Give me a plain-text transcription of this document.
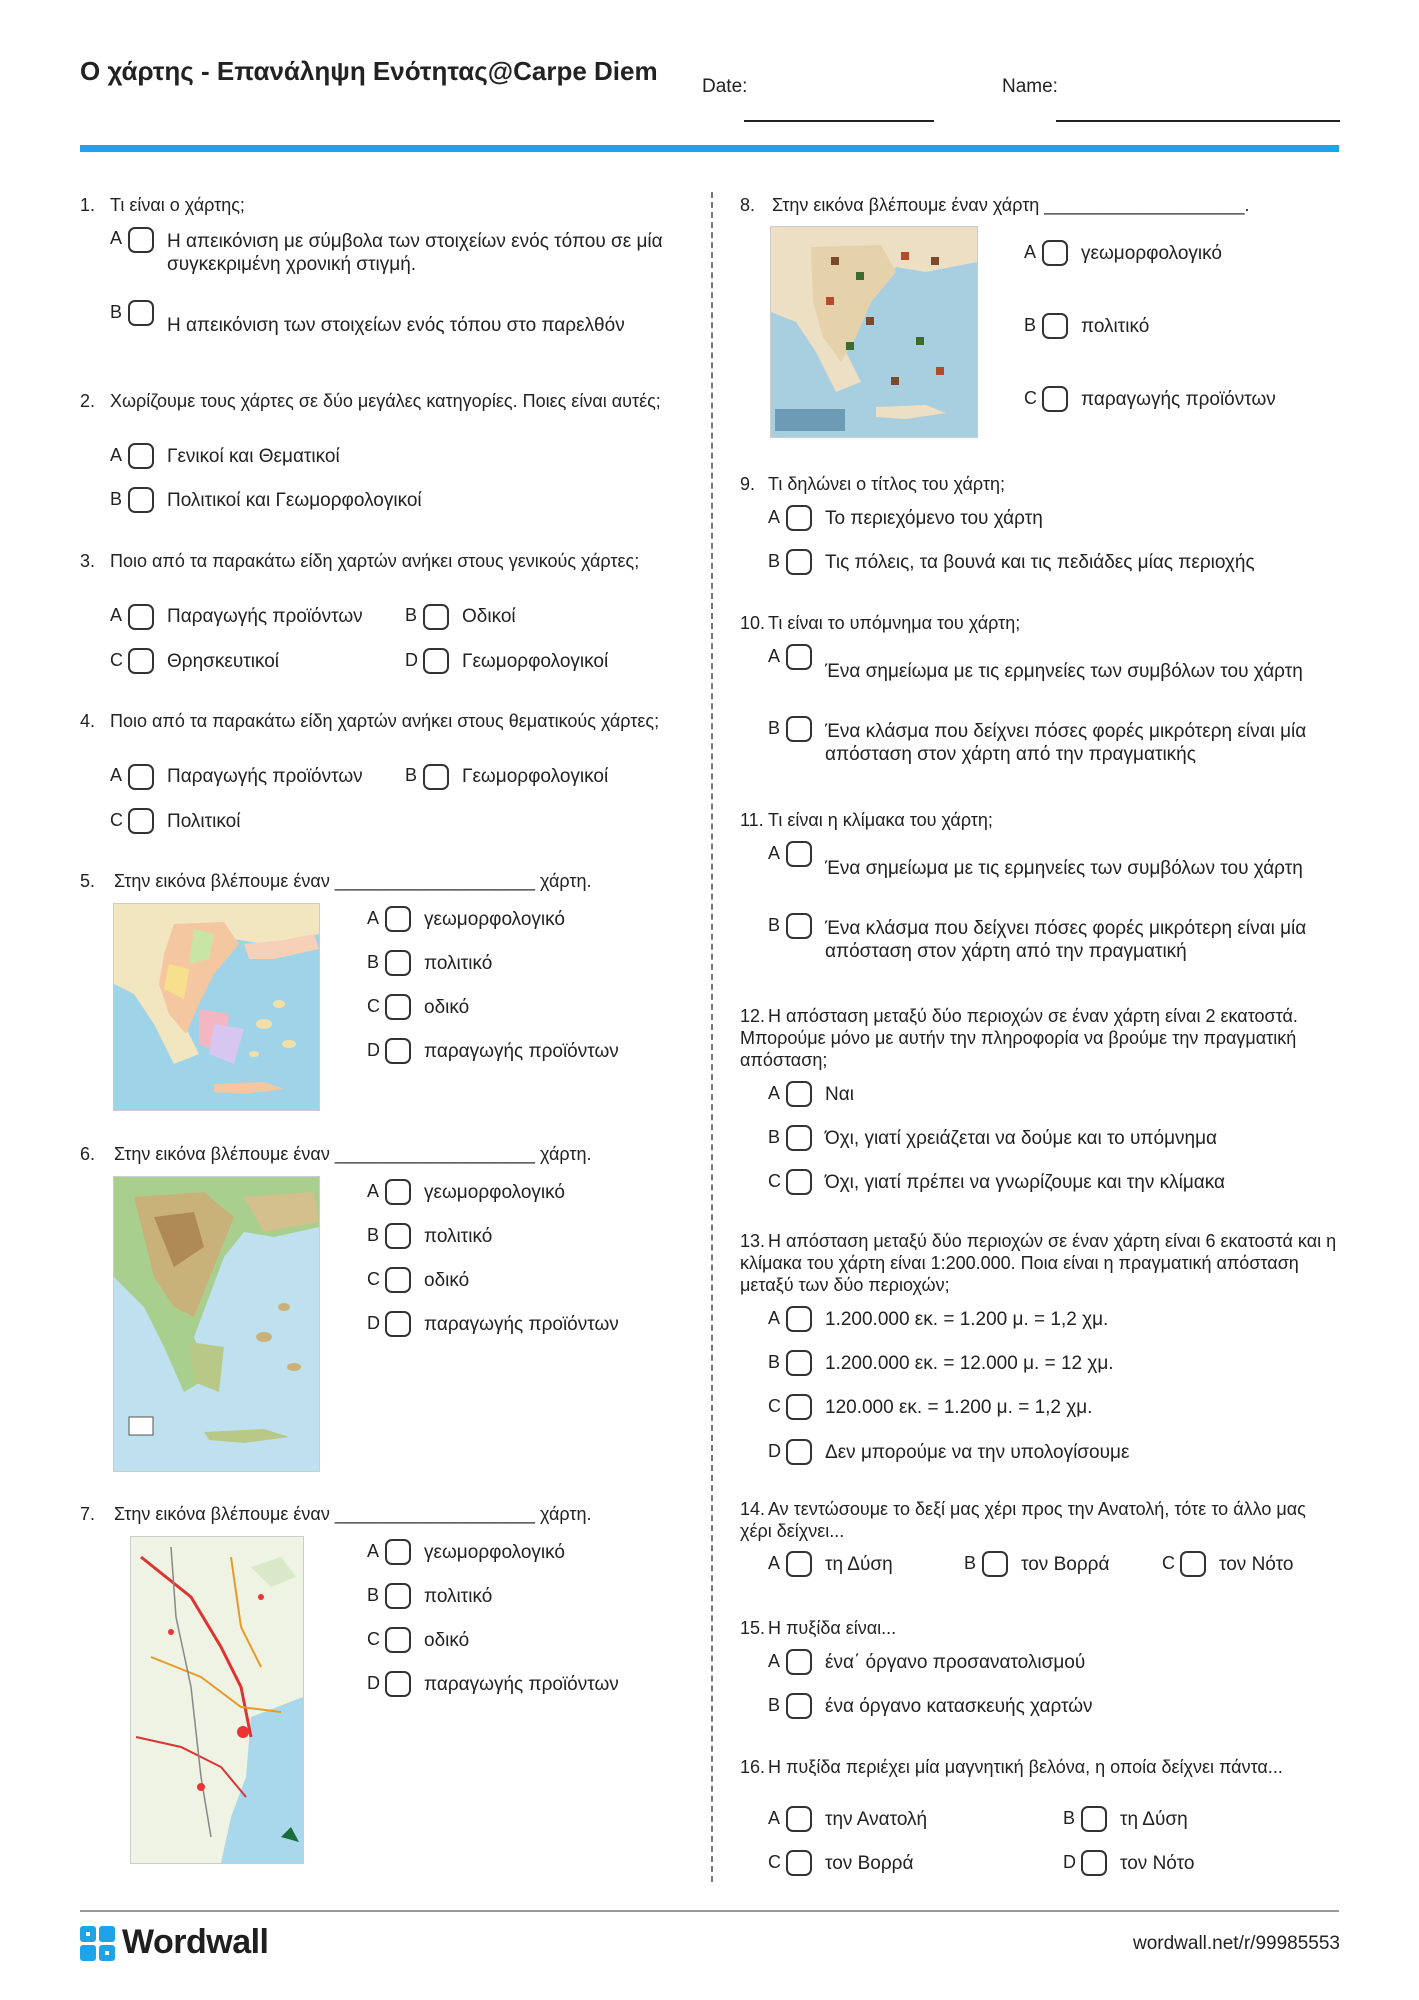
Ο χάρτης - Επανάληψη Ενότητας@Carpe Diem
Date:	Name:
1. Τι είναι ο χάρτης;
A Η απεικόνιση με σύμβολα των στοιχείων ενός τόπου σε μία συγκεκριμένη χρονική στιγμή.
B
Η απεικόνιση των στοιχείων ενός τόπου στο παρελθόν
2. Χωρίζουμε τους χάρτες σε δύο μεγάλες κατηγορίες. Ποιες είναι αυτές;
A Γενικοί και Θεματικοί
B Πολιτικοί και Γεωμορφολογικοί
3. Ποιο από τα παρακάτω είδη χαρτών ανήκει στους γενικούς χάρτες;
A Παραγωγής προϊόντων B Οδικοί
C Θρησκευτικοί	D Γεωμορφολογικοί
4. Ποιο από τα παρακάτω είδη χαρτών ανήκει στους θεματικούς χάρτες;
A Παραγωγής προϊόντων B Γεωμορφολογικοί
C Πολιτικοί
5. Στην εικόνα βλέπουμε έναν ____________________ χάρτη.
A γεωμορφολογικό
B πολιτικό
C οδικό
D παραγωγής προϊόντων
6. Στην εικόνα βλέπουμε έναν ____________________ χάρτη.
A γεωμορφολογικό
B πολιτικό
C οδικό
D παραγωγής προϊόντων
7. Στην εικόνα βλέπουμε έναν ____________________ χάρτη.
A γεωμορφολογικό
B πολιτικό
C οδικό
D παραγωγής προϊόντων
8. Στην εικόνα βλέπουμε έναν χάρτη ____________________.
A γεωμορφολογικό
B πολιτικό
C παραγωγής προϊόντων
9. Τι δηλώνει ο τίτλος του χάρτη;
A Το περιεχόμενο του χάρτη
B Τις πόλεις, τα βουνά και τις πεδιάδες μίας περιοχής
10. Τι είναι το υπόμνημα του χάρτη;
A
Ένα σημείωμα με τις ερμηνείες των συμβόλων του χάρτη
B Ένα κλάσμα που δείχνει πόσες φορές μικρότερη είναι μία απόσταση στον χάρτη από την πραγματικής
11. Τι είναι η κλίμακα του χάρτη;
A
Ένα σημείωμα με τις ερμηνείες των συμβόλων του χάρτη
B Ένα κλάσμα που δείχνει πόσες φορές μικρότερη είναι μία απόσταση στον χάρτη από την πραγματική
12. Η απόσταση μεταξύ δύο περιοχών σε έναν χάρτη είναι 2 εκατοστά. Μπορούμε μόνο με αυτήν την πληροφορία να βρούμε την πραγματική απόσταση;
A Ναι
B Όχι, γιατί χρειάζεται να δούμε και το υπόμνημα
C Όχι, γιατί πρέπει να γνωρίζουμε και την κλίμακα
13. Η απόσταση μεταξύ δύο περιοχών σε έναν χάρτη είναι 6 εκατοστά και η κλίμακα του χάρτη είναι 1:200.000. Ποια είναι η πραγματική απόσταση μεταξύ των δύο περιοχών;
A 1.200.000 εκ. = 1.200 μ. = 1,2 χμ.
B 1.200.000 εκ. = 12.000 μ. = 12 χμ.
C 120.000 εκ. = 1.200 μ. = 1,2 χμ.
D Δεν μπορούμε να την υπολογίσουμε
14. Αν τεντώσουμε το δεξί μας χέρι προς την Ανατολή, τότε το άλλο μας χέρι δείχνει...
A τη Δύση	B τον Βορρά	C τον Νότο
15. Η πυξίδα είναι...
A ένα΄ όργανο προσανατολισμού
B ένα όργανο κατασκευής χαρτών
16. Η πυξίδα περιέχει μία μαγνητική βελόνα, η οποία δείχνει πάντα...
A την Ανατολή	B τη Δύση
C τον Βορρά	D τον Νότο
Wordwall	wordwall.net/r/99985553
